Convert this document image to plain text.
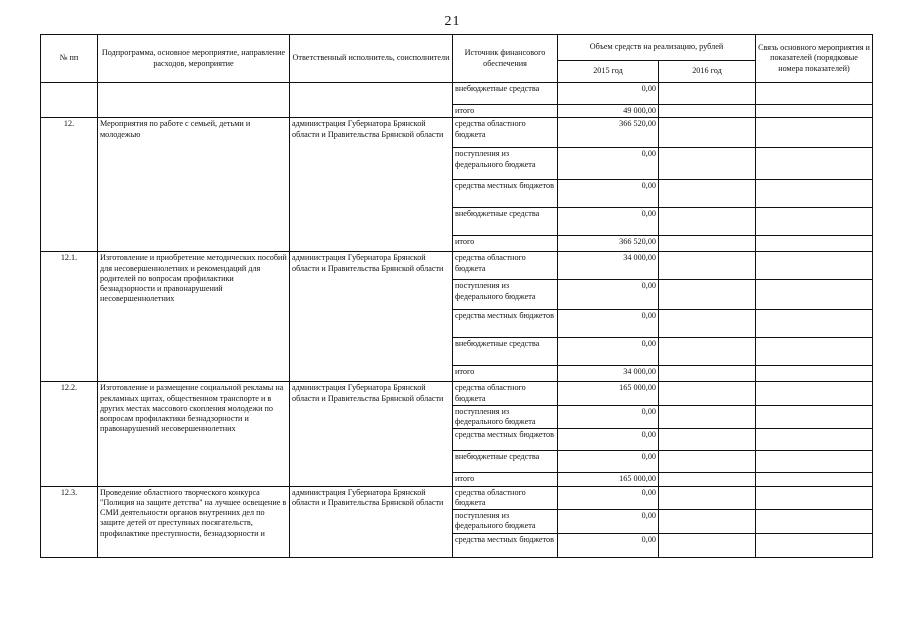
21
№ пп	Подпрограмма, основное мероприятие, направление расходов, мероприятие	Ответственный исполнитель, соисполнители	Источник финансового обеспечения	Объем средств на реализацию, рублей		Связь основного мероприятия и показателей (порядковые номера показателей)
				2015 год	2016 год	
			внебюджетные средства	0,00		
			итого	49 000,00		
12.	Мероприятия по работе с семьей, детьми и молодежью	администрация Губернатора Брянской области и Правительства Брянской области	средства областного бюджета	366 520,00		
			поступления из федерального бюджета	0,00		
			средства местных бюджетов	0,00		
			внебюджетные средства	0,00		
			итого	366 520,00		
12.1.	Изготовление и приобретение методических пособий для несовершеннолетних и рекомендаций для родителей по вопросам профилактики безнадзорности и правонарушений несовершеннолетних	администрация Губернатора Брянской области и Правительства Брянской области	средства областного бюджета	34 000,00		
			поступления из федерального бюджета	0,00		
			средства местных бюджетов	0,00		
			внебюджетные средства	0,00		
			итого	34 000,00		
12.2.	Изготовление и размещение социальной рекламы на рекламных щитах, общественном транспорте и в других местах массового скопления молодежи по вопросам профилактики безнадзорности и правонарушений несовершеннолетних	администрация Губернатора Брянской области и Правительства Брянской области	средства областного бюджета	165 000,00		
			поступления из федерального бюджета	0,00		
			средства местных бюджетов	0,00		
			внебюджетные средства	0,00		
			итого	165 000,00		
12.3.	Проведение областного творческого конкурса "Полиция на защите детства" на лучшее освещение в СМИ деятельности органов внутренних дел по защите детей от преступных посягательств, профилактике преступности, безнадзорности и	администрация Губернатора Брянской области и Правительства Брянской области	средства областного бюджета	0,00		
			поступления из федерального бюджета	0,00		
			средства местных бюджетов	0,00		
